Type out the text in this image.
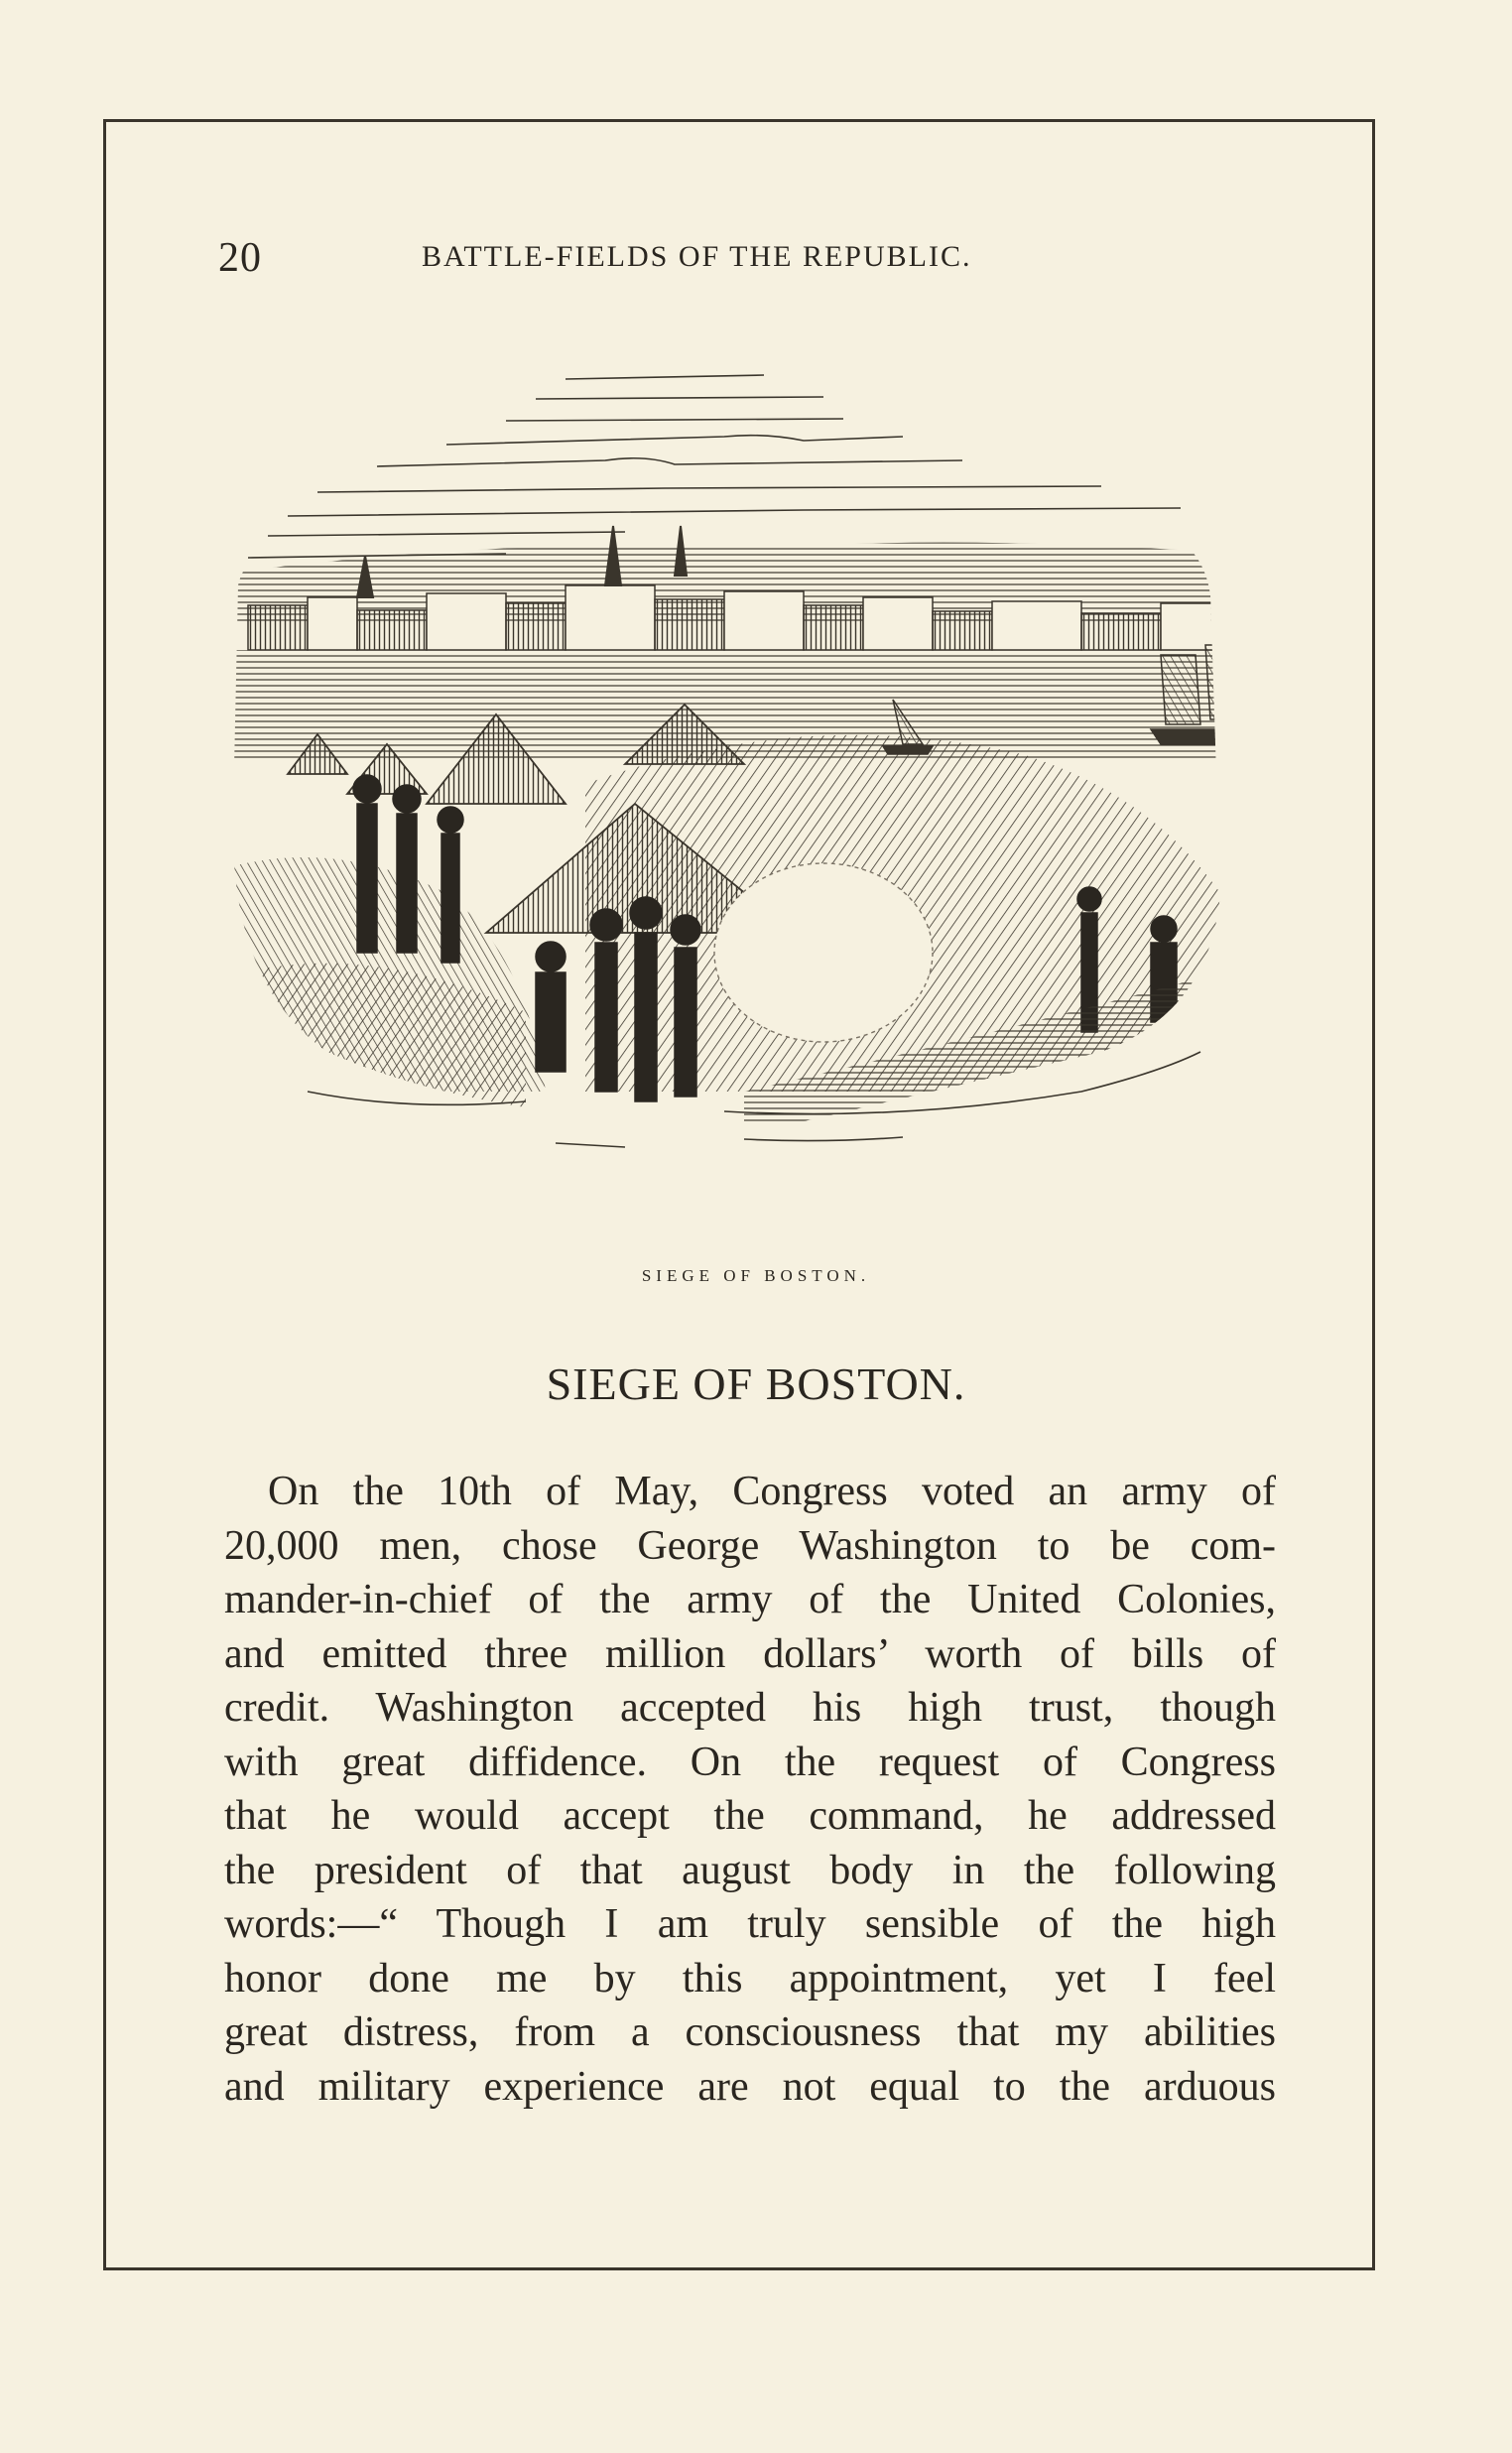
20	BATTLE-FIELDS OF THE REPUBLIC.
SIEGE OF BOSTON.
SIEGE OF BOSTON.
On the 10th of May, Congress voted an army of
20,000 men, chose George Washington to be com-
mander-in-chief of the army of the United Colonies,
and emitted three million dollars’ worth of bills of
credit. Washington accepted his high trust, though
with great diffidence. On the request of Congress
that he would accept the command, he addressed
the president of that august body in the following
words:—“ Though I am truly sensible of the high
honor done me by this appointment, yet I feel
great distress, from a consciousness that my abilities
and military experience are not equal to the arduous
